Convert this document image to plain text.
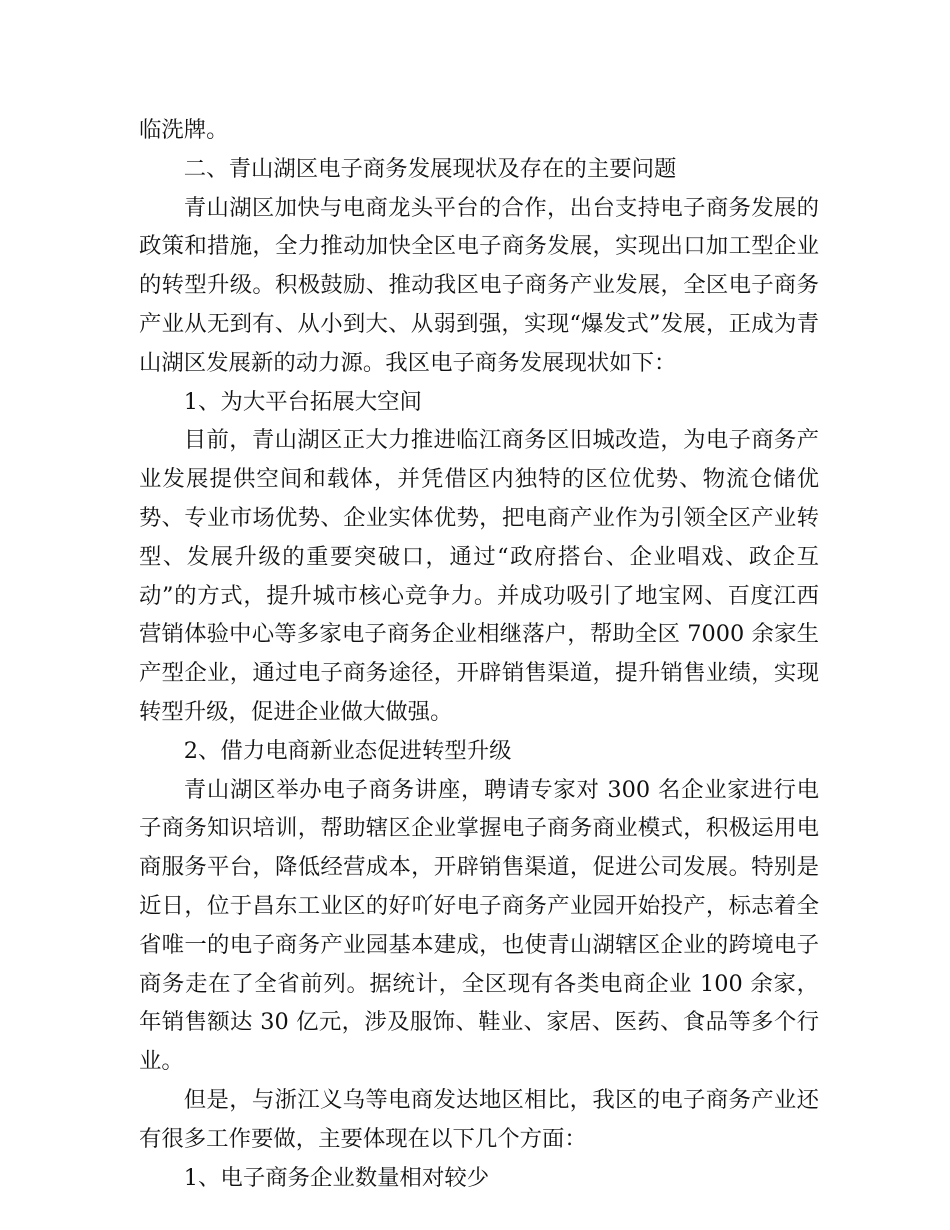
临洗牌。

二、青山湖区电子商务发展现状及存在的主要问题

青山湖区加快与电商龙头平台的合作，出台支持电子商务发展的政策和措施，全力推动加快全区电子商务发展，实现出口加工型企业的转型升级。积极鼓励、推动我区电子商务产业发展，全区电子商务产业从无到有、从小到大、从弱到强，实现“爆发式”发展，正成为青山湖区发展新的动力源。我区电子商务发展现状如下：

1、为大平台拓展大空间

目前，青山湖区正大力推进临江商务区旧城改造，为电子商务产业发展提供空间和载体，并凭借区内独特的区位优势、物流仓储优势、专业市场优势、企业实体优势，把电商产业作为引领全区产业转型、发展升级的重要突破口，通过“政府搭台、企业唱戏、政企互动”的方式，提升城市核心竞争力。并成功吸引了地宝网、百度江西营销体验中心等多家电子商务企业相继落户，帮助全区 7000 余家生产型企业，通过电子商务途径，开辟销售渠道，提升销售业绩，实现转型升级，促进企业做大做强。

2、借力电商新业态促进转型升级

青山湖区举办电子商务讲座，聘请专家对 300 名企业家进行电子商务知识培训，帮助辖区企业掌握电子商务商业模式，积极运用电商服务平台，降低经营成本，开辟销售渠道，促进公司发展。特别是近日，位于昌东工业区的好吖好电子商务产业园开始投产，标志着全省唯一的电子商务产业园基本建成，也使青山湖辖区企业的跨境电子商务走在了全省前列。据统计，全区现有各类电商企业 100 余家，年销售额达 30 亿元，涉及服饰、鞋业、家居、医药、食品等多个行业。

但是，与浙江义乌等电商发达地区相比，我区的电子商务产业还有很多工作要做，主要体现在以下几个方面：

1、电子商务企业数量相对较少
